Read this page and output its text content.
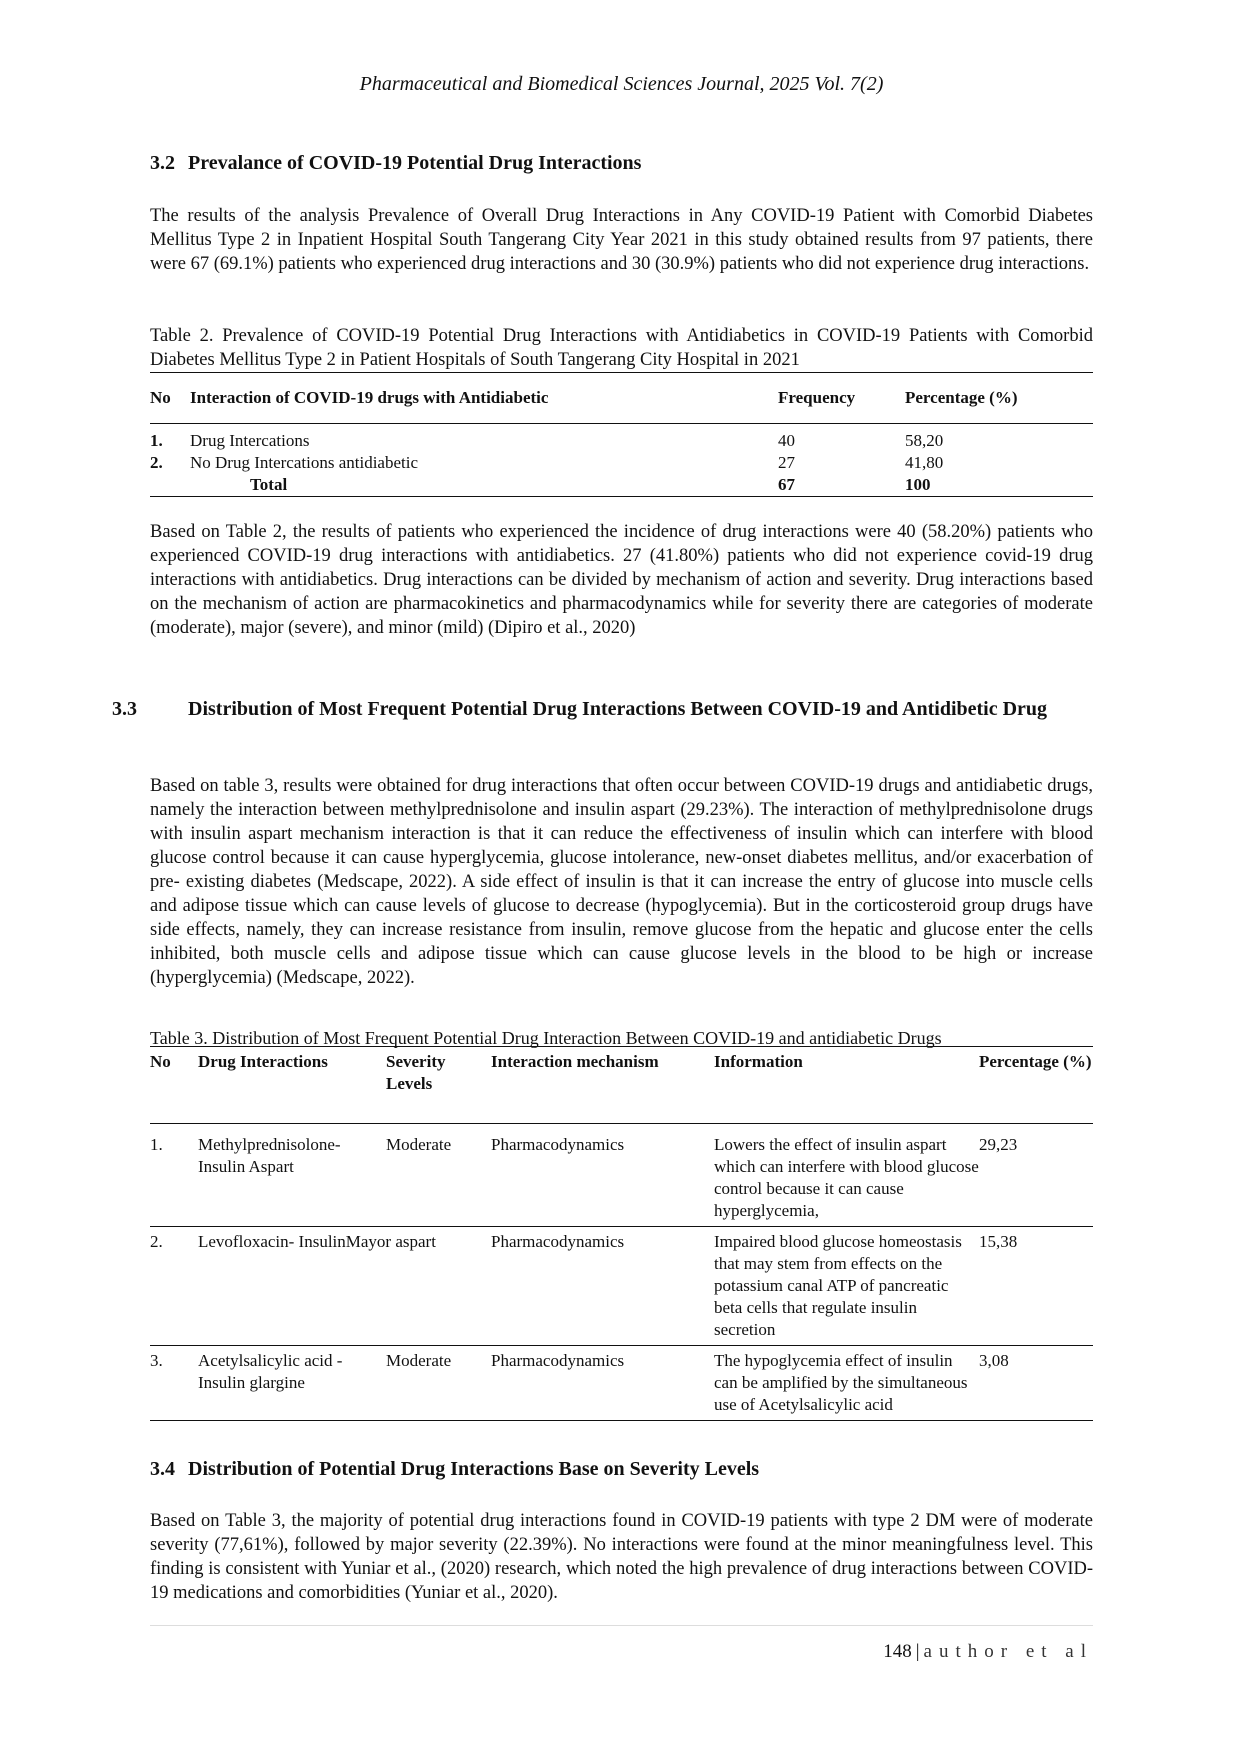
Pharmaceutical and Biomedical Sciences Journal, 2025 Vol. 7(2)
3.2 Prevalance of COVID-19 Potential Drug Interactions
The results of the analysis Prevalence of Overall Drug Interactions in Any COVID-19 Patient with Comorbid Diabetes Mellitus Type 2 in Inpatient Hospital South Tangerang City Year 2021 in this study obtained results from 97 patients, there were 67 (69.1%) patients who experienced drug interactions and 30 (30.9%) patients who did not experience drug interactions.
Table 2. Prevalence of COVID-19 Potential Drug Interactions with Antidiabetics in COVID-19 Patients with Comorbid Diabetes Mellitus Type 2 in Patient Hospitals of South Tangerang City Hospital in 2021
No	Interaction of COVID-19 drugs with Antidiabetic	Frequency	Percentage (%)
1.	Drug Intercations	40	58,20
2.	No Drug Intercations antidiabetic	27	41,80
	Total	67	100
Based on Table 2, the results of patients who experienced the incidence of drug interactions were 40 (58.20%) patients who experienced COVID-19 drug interactions with antidiabetics. 27 (41.80%) patients who did not experience covid-19 drug interactions with antidiabetics. Drug interactions can be divided by mechanism of action and severity. Drug interactions based on the mechanism of action are pharmacokinetics and pharmacodynamics while for severity there are categories of moderate (moderate), major (severe), and minor (mild) (Dipiro et al., 2020)
3.3	Distribution of Most Frequent Potential Drug Interactions Between COVID-19 and Antidibetic Drug
Based on table 3, results were obtained for drug interactions that often occur between COVID-19 drugs and antidiabetic drugs, namely the interaction between methylprednisolone and insulin aspart (29.23%). The interaction of methylprednisolone drugs with insulin aspart mechanism interaction is that it can reduce the effectiveness of insulin which can interfere with blood glucose control because it can cause hyperglycemia, glucose intolerance, new-onset diabetes mellitus, and/or exacerbation of pre- existing diabetes (Medscape, 2022). A side effect of insulin is that it can increase the entry of glucose into muscle cells and adipose tissue which can cause levels of glucose to decrease (hypoglycemia). But in the corticosteroid group drugs have side effects, namely, they can increase resistance from insulin, remove glucose from the hepatic and glucose enter the cells inhibited, both muscle cells and adipose tissue which can cause glucose levels in the blood to be high or increase (hyperglycemia) (Medscape, 2022).
Table 3. Distribution of Most Frequent Potential Drug Interaction Between COVID-19 and antidiabetic Drugs
No	Drug Interactions	Severity Levels	Interaction mechanism	Information	Percentage (%)
1.	Methylprednisolone-Insulin Aspart	Moderate	Pharmacodynamics	Lowers the effect of insulin aspart which can interfere with blood glucose control because it can cause hyperglycemia,	29,23
2.	Levofloxacin- InsulinMayor aspart		Pharmacodynamics	Impaired blood glucose homeostasis that may stem from effects on the potassium canal ATP of pancreatic beta cells that regulate insulin secretion	15,38
3.	Acetylsalicylic acid -Insulin glargine	Moderate	Pharmacodynamics	The hypoglycemia effect of insulin can be amplified by the simultaneous use of Acetylsalicylic acid	3,08
3.4 Distribution of Potential Drug Interactions Base on Severity Levels
Based on Table 3, the majority of potential drug interactions found in COVID-19 patients with type 2 DM were of moderate severity (77,61%), followed by major severity (22.39%). No interactions were found at the minor meaningfulness level. This finding is consistent with Yuniar et al., (2020) research, which noted the high prevalence of drug interactions between COVID-19 medications and comorbidities (Yuniar et al., 2020).
148 | author et al
